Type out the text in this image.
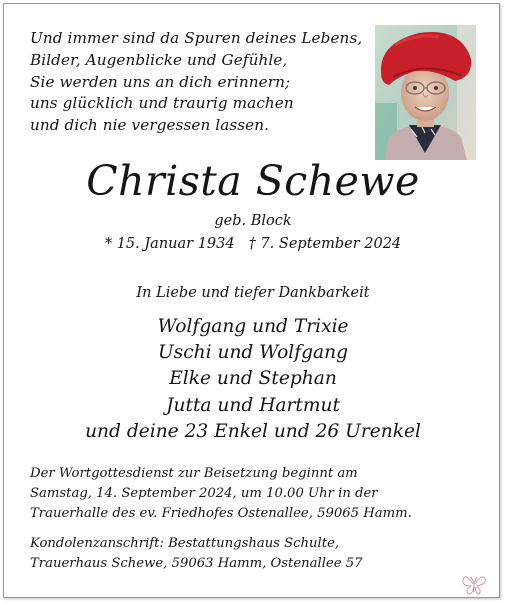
Und immer sind da Spuren deines Lebens,
Bilder, Augenblicke und Gefühle,
Sie werden uns an dich erinnern;
uns glücklich und traurig machen
und dich nie vergessen lassen.
Christa Schewe
geb. Block
* 15. Januar 1934 † 7. September 2024
In Liebe und tiefer Dankbarkeit
Wolfgang und Trixie
Uschi und Wolfgang
Elke und Stephan
Jutta und Hartmut
und deine 23 Enkel und 26 Urenkel
Der Wortgottesdienst zur Beisetzung beginnt am
Samstag, 14. September 2024, um 10.00 Uhr in der
Trauerhalle des ev. Friedhofes Ostenallee, 59065 Hamm.
Kondolenzanschrift: Bestattungshaus Schulte,
Trauerhaus Schewe, 59063 Hamm, Ostenallee 57
